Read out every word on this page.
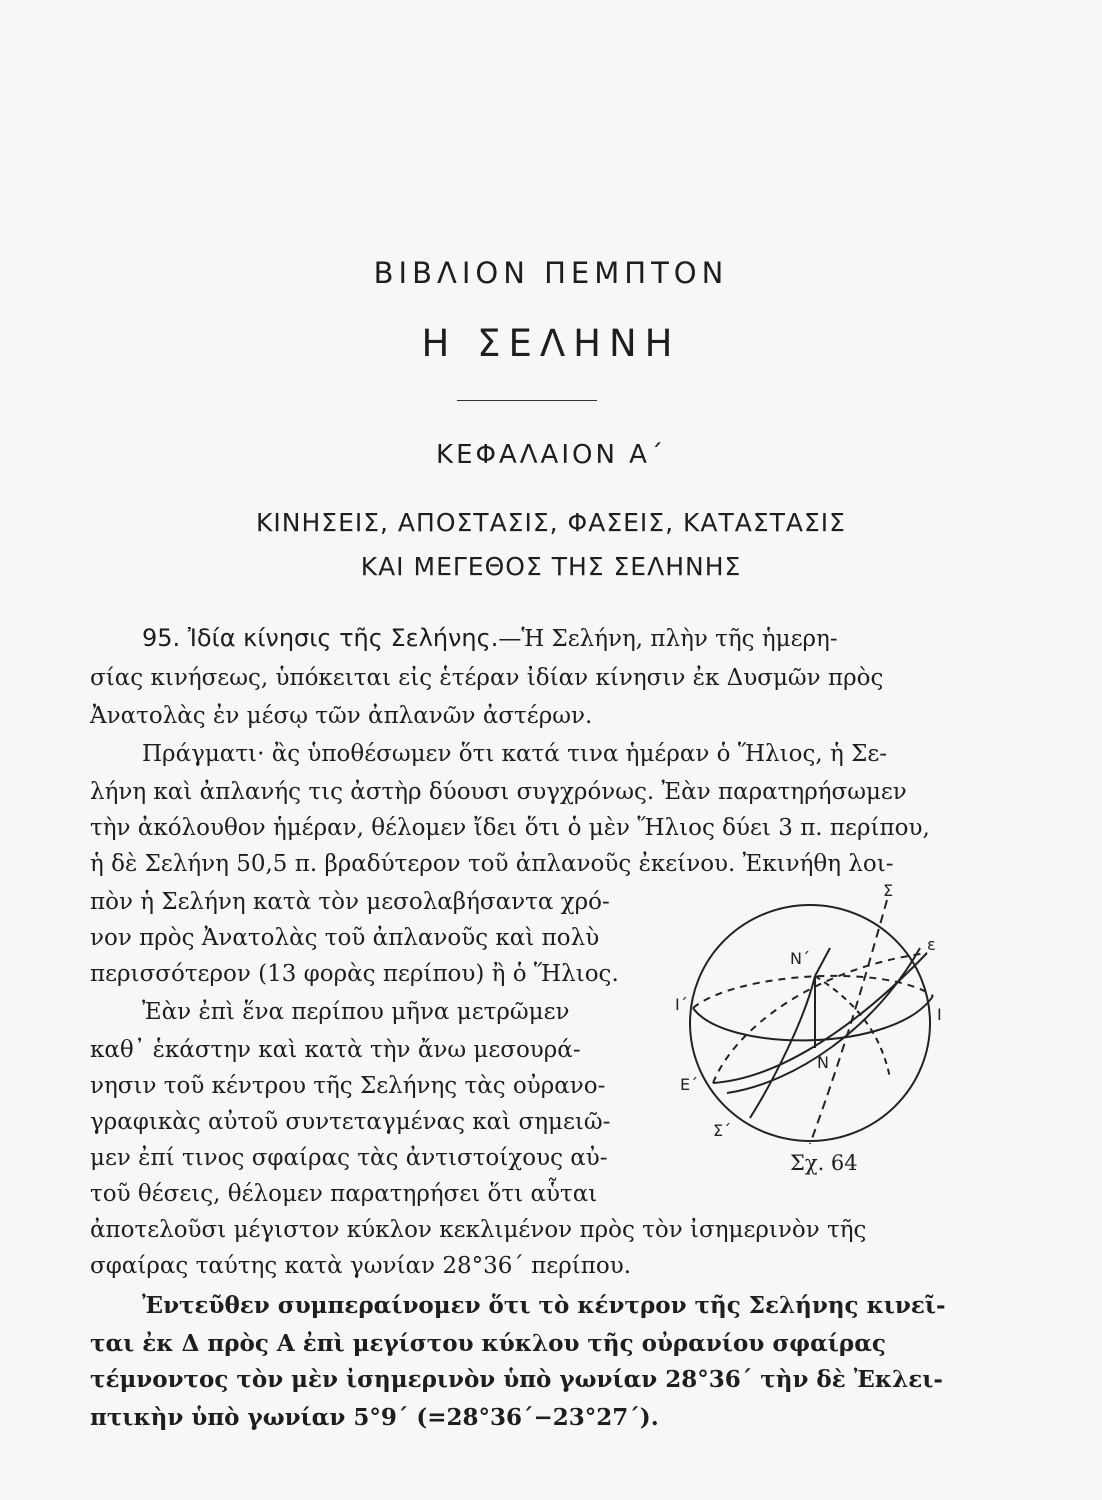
ΒΙΒΛΙΟΝ ΠΕΜΠΤΟΝ
Η ΣΕΛΗΝΗ
ΚΕΦΑΛΑΙΟΝ Α΄
ΚΙΝΗΣΕΙΣ, ΑΠΟΣΤΑΣΙΣ, ΦΑΣΕΙΣ, ΚΑΤΑΣΤΑΣΙΣ
ΚΑΙ ΜΕΓΕΘΟΣ ΤΗΣ ΣΕΛΗΝΗΣ
95. Ἰδία κίνησις τῆς Σελήνης.—Ἡ Σελήνη, πλὴν τῆς ἡμερη-
σίας κινήσεως, ὑπόκειται εἰς ἑτέραν ἰδίαν κίνησιν ἐκ Δυσμῶν πρὸς
Ἀνατολὰς ἐν μέσῳ τῶν ἀπλανῶν ἀστέρων.
Πράγματι· ἂς ὑποθέσωμεν ὅτι κατά τινα ἡμέραν ὁ Ἥλιος, ἡ Σε-
λήνη καὶ ἀπλανής τις ἀστὴρ δύουσι συγχρόνως. Ἐὰν παρατηρήσωμεν
τὴν ἀκόλουθον ἡμέραν, θέλομεν ἴδει ὅτι ὁ μὲν Ἥλιος δύει 3 π. περίπου,
ἡ δὲ Σελήνη 50,5 π. βραδύτερον τοῦ ἀπλανοῦς ἐκείνου. Ἐκινήθη λοι-
πὸν ἡ Σελήνη κατὰ τὸν μεσολαβήσαντα χρό-
νον πρὸς Ἀνατολὰς τοῦ ἀπλανοῦς καὶ πολὺ
περισσότερον (13 φορὰς περίπου) ἢ ὁ Ἥλιος.
Ἐὰν ἐπὶ ἕνα περίπου μῆνα μετρῶμεν
καθ᾿ ἑκάστην καὶ κατὰ τὴν ἄνω μεσουρά-
νησιν τοῦ κέντρου τῆς Σελήνης τὰς οὐρανο-
γραφικὰς αὐτοῦ συντεταγμένας καὶ σημειῶ-
μεν ἐπί τινος σφαίρας τὰς ἀντιστοίχους αὐ-
τοῦ θέσεις, θέλομεν παρατηρήσει ὅτι αὗται
ἀποτελοῦσι μέγιστον κύκλον κεκλιμένον πρὸς τὸν ἰσημερινὸν τῆς
σφαίρας ταύτης κατὰ γωνίαν 28°36΄ περίπου.
Ἐντεῦθεν συμπεραίνομεν ὅτι τὸ κέντρον τῆς Σελήνης κινεῖ-
ται ἐκ Δ πρὸς Α ἐπὶ μεγίστου κύκλου τῆς οὐρανίου σφαίρας
τέμνοντος τὸν μὲν ἰσημερινὸν ὑπὸ γωνίαν 28°36΄ τὴν δὲ Ἐκλει-
πτικὴν ὑπὸ γωνίαν 5°9΄ (=28°36΄−23°27΄).
Σ
ε
Ν΄
Ι΄
Ι
Ν
Ε΄
Σ΄
Σχ. 64
